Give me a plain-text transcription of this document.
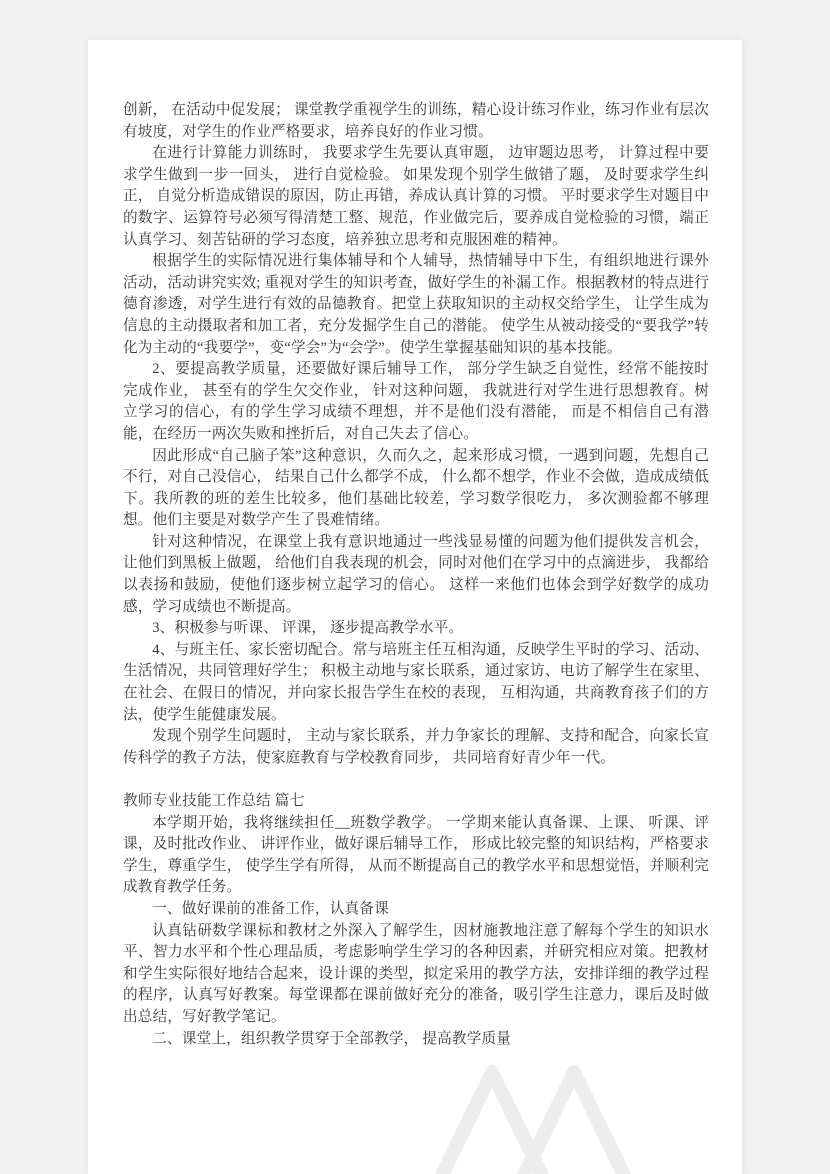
创新， 在活动中促发展； 课堂教学重视学生的训练，精心设计练习作业，练习作业有层次有坡度，对学生的作业严格要求，培养良好的作业习惯。

在进行计算能力训练时， 我要求学生先要认真审题， 边审题边思考， 计算过程中要求学生做到一步一回头， 进行自觉检验。 如果发现个别学生做错了题， 及时要求学生纠正， 自觉分析造成错误的原因，防止再错，养成认真计算的习惯。 平时要求学生对题目中的数字、运算符号必须写得清楚工整、规范，作业做完后，要养成自觉检验的习惯，端正认真学习、刻苦钻研的学习态度，培养独立思考和克服困难的精神。

根据学生的实际情况进行集体辅导和个人辅导，热情辅导中下生，有组织地进行课外活动，活动讲究实效; 重视对学生的知识考查，做好学生的补漏工作。根据教材的特点进行德育渗透，对学生进行有效的品德教育。把堂上获取知识的主动权交给学生， 让学生成为信息的主动摄取者和加工者，充分发掘学生自己的潜能。 使学生从被动接受的“要我学”转化为主动的“我要学”，变“学会”为“会学”。使学生掌握基础知识的基本技能。

2、要提高教学质量，还要做好课后辅导工作， 部分学生缺乏自觉性，经常不能按时完成作业， 甚至有的学生欠交作业， 针对这种问题， 我就进行对学生进行思想教育。树立学习的信心，有的学生学习成绩不理想，并不是他们没有潜能， 而是不相信自己有潜能，在经历一两次失败和挫折后，对自己失去了信心。

因此形成“自己脑子笨”这种意识，久而久之，起来形成习惯，一遇到问题，先想自己不行，对自己没信心， 结果自己什么都学不成， 什么都不想学，作业不会做，造成成绩低下。我所教的班的差生比较多，他们基础比较差，学习数学很吃力， 多次测验都不够理想。他们主要是对数学产生了畏难情绪。

针对这种情况，在课堂上我有意识地通过一些浅显易懂的问题为他们提供发言机会，让他们到黑板上做题， 给他们自我表现的机会，同时对他们在学习中的点滴进步， 我都给以表扬和鼓励，使他们逐步树立起学习的信心。 这样一来他们也体会到学好数学的成功感，学习成绩也不断提高。

3、积极参与听课、 评课， 逐步提高教学水平。

4、与班主任、家长密切配合。常与培班主任互相沟通，反映学生平时的学习、活动、生活情况，共同管理好学生； 积极主动地与家长联系，通过家访、电访了解学生在家里、在社会、在假日的情况，并向家长报告学生在校的表现， 互相沟通，共商教育孩子们的方法，使学生能健康发展。

发现个别学生问题时， 主动与家长联系，并力争家长的理解、支持和配合，向家长宣传科学的教子方法，使家庭教育与学校教育同步， 共同培育好青少年一代。

教师专业技能工作总结 篇七

本学期开始，我将继续担任__班数学教学。 一学期来能认真备课、上课、 听课、评课，及时批改作业、 讲评作业，做好课后辅导工作， 形成比较完整的知识结构，严格要求学生，尊重学生， 使学生学有所得， 从而不断提高自己的教学水平和思想觉悟，并顺利完成教育教学任务。

一、做好课前的准备工作，认真备课

认真钻研数学课标和教材之外深入了解学生，因材施教地注意了解每个学生的知识水平、智力水平和个性心理品质，考虑影响学生学习的各种因素，并研究相应对策。把教材和学生实际很好地结合起来，设计课的类型，拟定采用的教学方法，安排详细的教学过程的程序，认真写好教案。每堂课都在课前做好充分的准备，吸引学生注意力，课后及时做出总结，写好教学笔记。

二、课堂上，组织教学贯穿于全部教学， 提高教学质量
